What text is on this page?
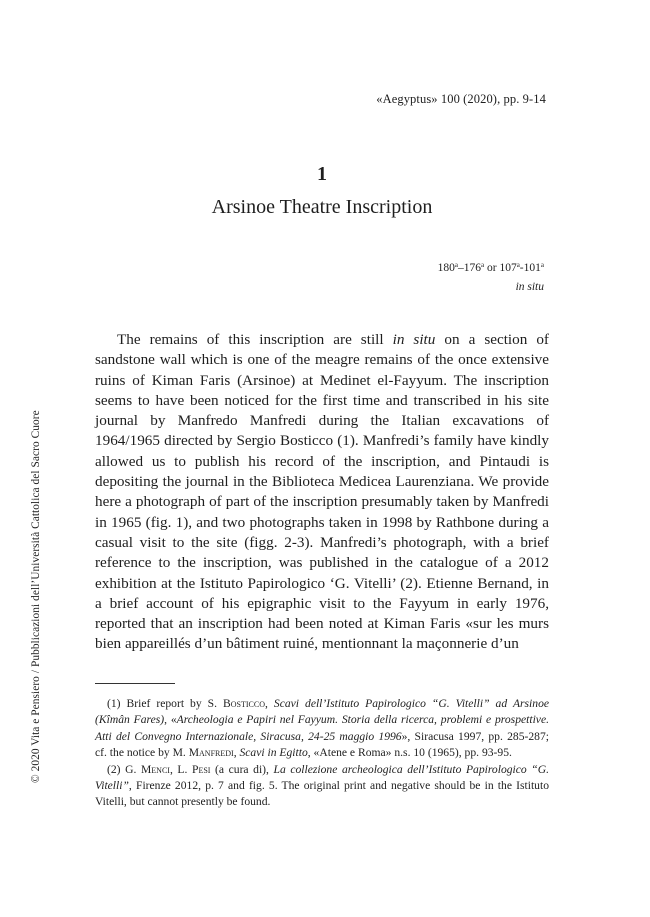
«Aegyptus» 100 (2020), pp. 9-14
1
Arsinoe Theatre Inscription
180$^a$–176$^a$ or 107$^a$-101$^a$
in situ

The remains of this inscription are still in situ on a section of sandstone wall which is one of the meagre remains of the once extensive ruins of Kiman Faris (Arsinoe) at Medinet el-Fayyum. The inscription seems to have been noticed for the first time and transcribed in his site journal by Manfredo Manfredi during the Italian excavations of 1964/1965 directed by Sergio Bosticco (1). Manfredi’s family have kindly allowed us to publish his record of the inscription, and Pintaudi is depositing the journal in the Biblioteca Medicea Laurenziana. We provide here a photograph of part of the inscription presumably taken by Manfredi in 1965 (fig. 1), and two photographs taken in 1998 by Rathbone during a casual visit to the site (figg. 2-3). Manfredi’s photograph, with a brief reference to the inscription, was published in the catalogue of a 2012 exhibition at the Istituto Papirologico ‘G. Vitelli’ (2). Etienne Bernand, in a brief account of his epigraphic visit to the Fayyum in early 1976, reported that an inscription had been noted at Kiman Faris «sur les murs bien appareillés d’un bâtiment ruiné, mentionnant la maçonnerie d’un

© 2020 Vita e Pensiero / Pubblicazioni dell’Università Cattolica del Sacro Cuore	(1) Brief report by S. Bosticco, Scavi dell’Istituto Papirologico “G. Vitelli” ad Arsinoe (Kîmân Fares), «Archeologia e Papiri nel Fayyum. Storia della ricerca, problemi e prospettive. Atti del Convegno Internazionale, Siracusa, 24-25 maggio 1996», Siracusa 1997, pp. 285-287; cf. the notice by M. Manfredi, Scavi in Egitto, «Atene e Roma» n.s. 10 (1965), pp. 93-95.

(2) G. Menci, L. Pesi (a cura di), La collezione archeologica dell’Istituto Papirologico “G. Vitelli”, Firenze 2012, p. 7 and fig. 5. The original print and negative should be in the Istituto Vitelli, but cannot presently be found.
